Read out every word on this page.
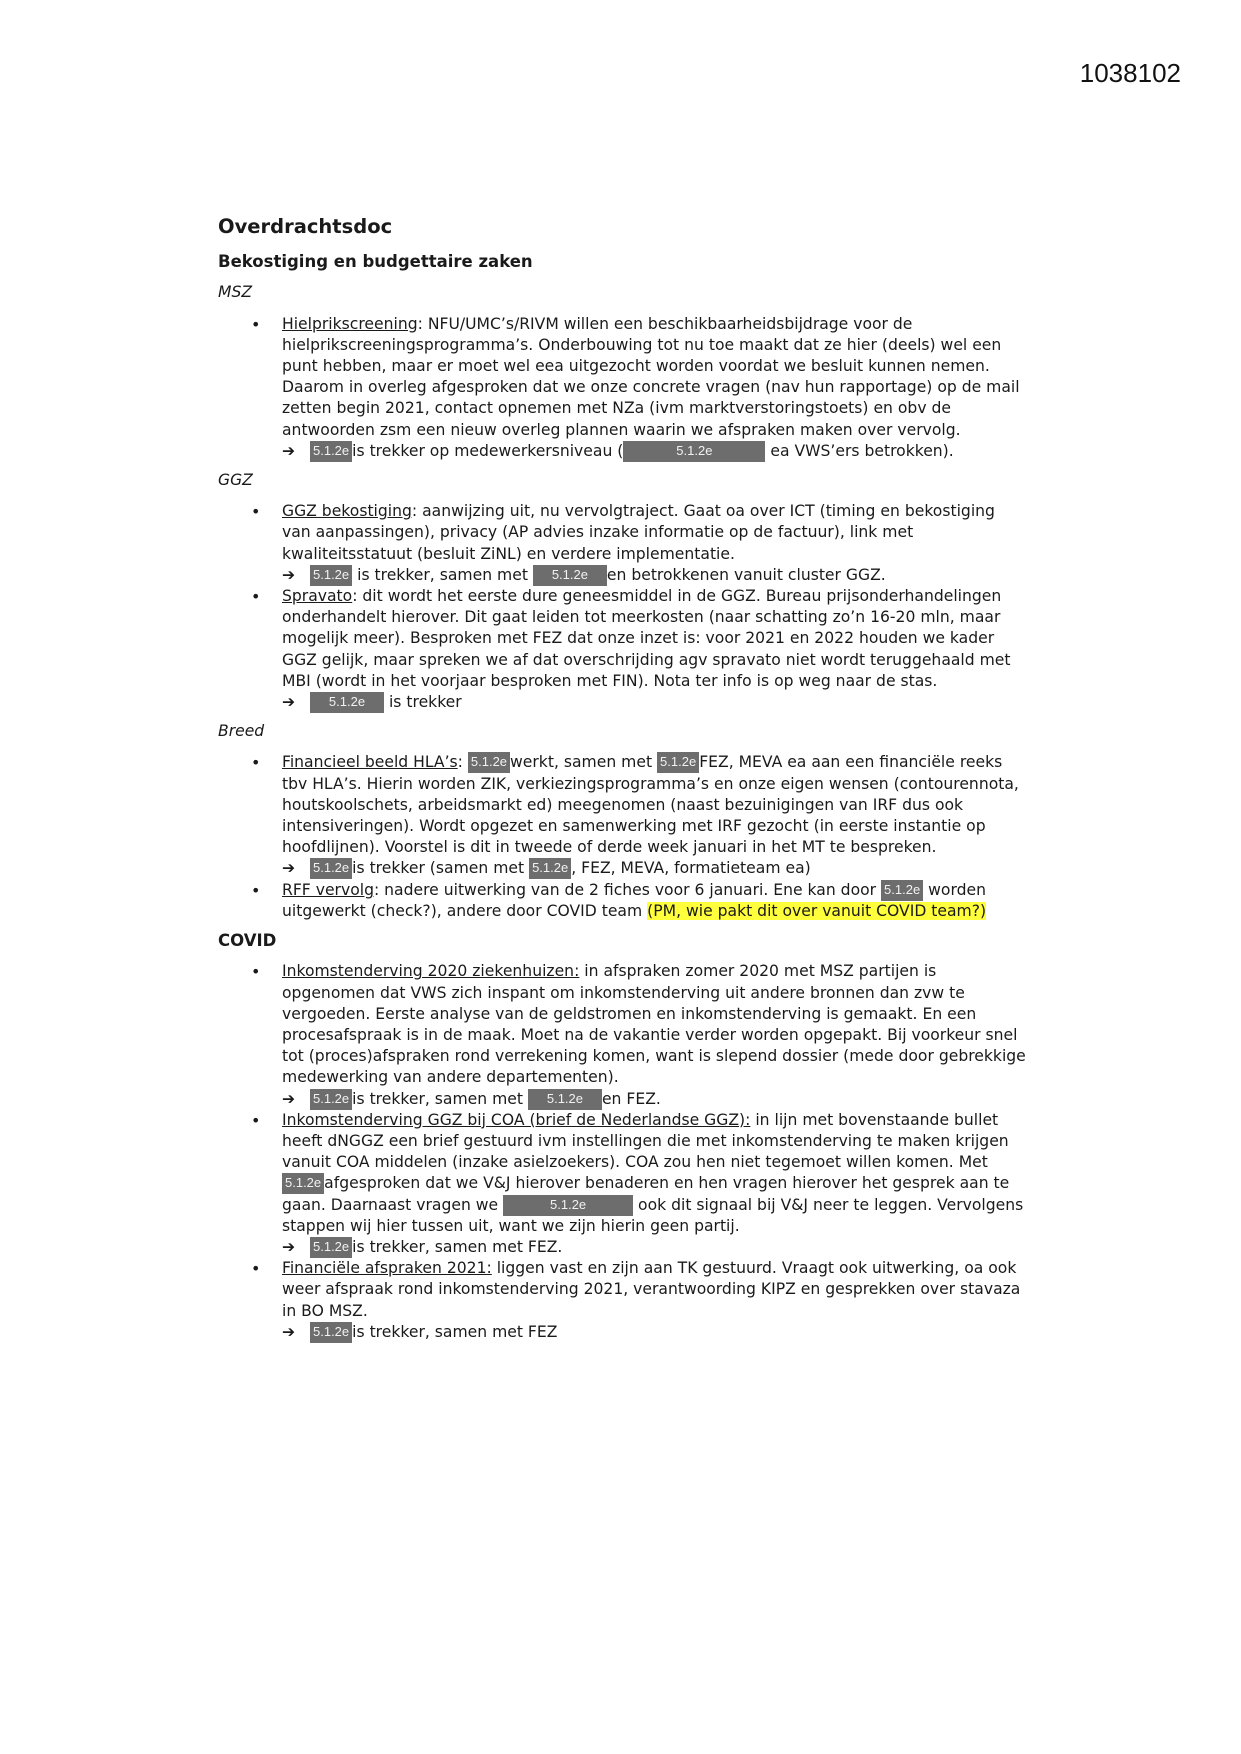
1038102
Overdrachtsdoc
Bekostiging en budgettaire zaken
MSZ
• Hielprikscreening: NFU/UMC’s/RIVM willen een beschikbaarheidsbijdrage voor de hielprikscreeningsprogramma’s. Onderbouwing tot nu toe maakt dat ze hier (deels) wel een punt hebben, maar er moet wel eea uitgezocht worden voordat we besluit kunnen nemen. Daarom in overleg afgesproken dat we onze concrete vragen (nav hun rapportage) op de mail zetten begin 2021, contact opnemen met NZa (ivm marktverstoringstoets) en obv de antwoorden zsm een nieuw overleg plannen waarin we afspraken maken over vervolg.
➔ 5.1.2e is trekker op medewerkersniveau (	5.1.2e	ea VWS’ers betrokken).
GGZ
• GGZ bekostiging: aanwijzing uit, nu vervolgtraject. Gaat oa over ICT (timing en bekostiging van aanpassingen), privacy (AP advies inzake informatie op de factuur), link met kwaliteitsstatuut (besluit ZiNL) en verdere implementatie.
➔ 5.1.2e is trekker, samen met 5.1.2e en betrokkenen vanuit cluster GGZ.
• Spravato: dit wordt het eerste dure geneesmiddel in de GGZ. Bureau prijsonderhandelingen onderhandelt hierover. Dit gaat leiden tot meerkosten (naar schatting zo’n 16-20 mln, maar mogelijk meer). Besproken met FEZ dat onze inzet is: voor 2021 en 2022 houden we kader GGZ gelijk, maar spreken we af dat overschrijding agv spravato niet wordt teruggehaald met MBI (wordt in het voorjaar besproken met FIN). Nota ter info is op weg naar de stas.
➔	5.1.2e is trekker
Breed
• Financieel beeld HLA’s: 5.1.2e werkt, samen met 5.1.2e FEZ, MEVA ea aan een financiële reeks tbv HLA’s. Hierin worden ZIK, verkiezingsprogramma’s en onze eigen wensen (contourennota, houtskoolschets, arbeidsmarkt ed) meegenomen (naast bezuinigingen van IRF dus ook intensiveringen). Wordt opgezet en samenwerking met IRF gezocht (in eerste instantie op hoofdlijnen). Voorstel is dit in tweede of derde week januari in het MT te bespreken.
➔ 5.1.2e is trekker (samen met 5.1.2e , FEZ, MEVA, formatieteam ea)
• RFF vervolg: nadere uitwerking van de 2 fiches voor 6 januari. Ene kan door 5.1.2e worden uitgewerkt (check?), andere door COVID team (PM, wie pakt dit over vanuit COVID team?)
COVID
• Inkomstenderving 2020 ziekenhuizen: in afspraken zomer 2020 met MSZ partijen is opgenomen dat VWS zich inspant om inkomstenderving uit andere bronnen dan zvw te vergoeden. Eerste analyse van de geldstromen en inkomstenderving is gemaakt. En een procesafspraak is in de maak. Moet na de vakantie verder worden opgepakt. Bij voorkeur snel tot (proces)afspraken rond verrekening komen, want is slepend dossier (mede door gebrekkige medewerking van andere departementen).
➔ 5.1.2e is trekker, samen met 5.1.2e en FEZ.
• Inkomstenderving GGZ bij COA (brief de Nederlandse GGZ): in lijn met bovenstaande bullet heeft dNGGZ een brief gestuurd ivm instellingen die met inkomstenderving te maken krijgen vanuit COA middelen (inzake asielzoekers). COA zou hen niet tegemoet willen komen. Met 5.1.2e afgesproken dat we V&J hierover benaderen en hen vragen hierover het gesprek aan te gaan. Daarnaast vragen we	5.1.2e	ook dit signaal bij V&J neer te leggen. Vervolgens stappen wij hier tussen uit, want we zijn hierin geen partij.
➔ 5.1.2e is trekker, samen met FEZ.
• Financiële afspraken 2021: liggen vast en zijn aan TK gestuurd. Vraagt ook uitwerking, oa ook weer afspraak rond inkomstenderving 2021, verantwoording KIPZ en gesprekken over stavaza in BO MSZ.
➔ 5.1.2e is trekker, samen met FEZ
